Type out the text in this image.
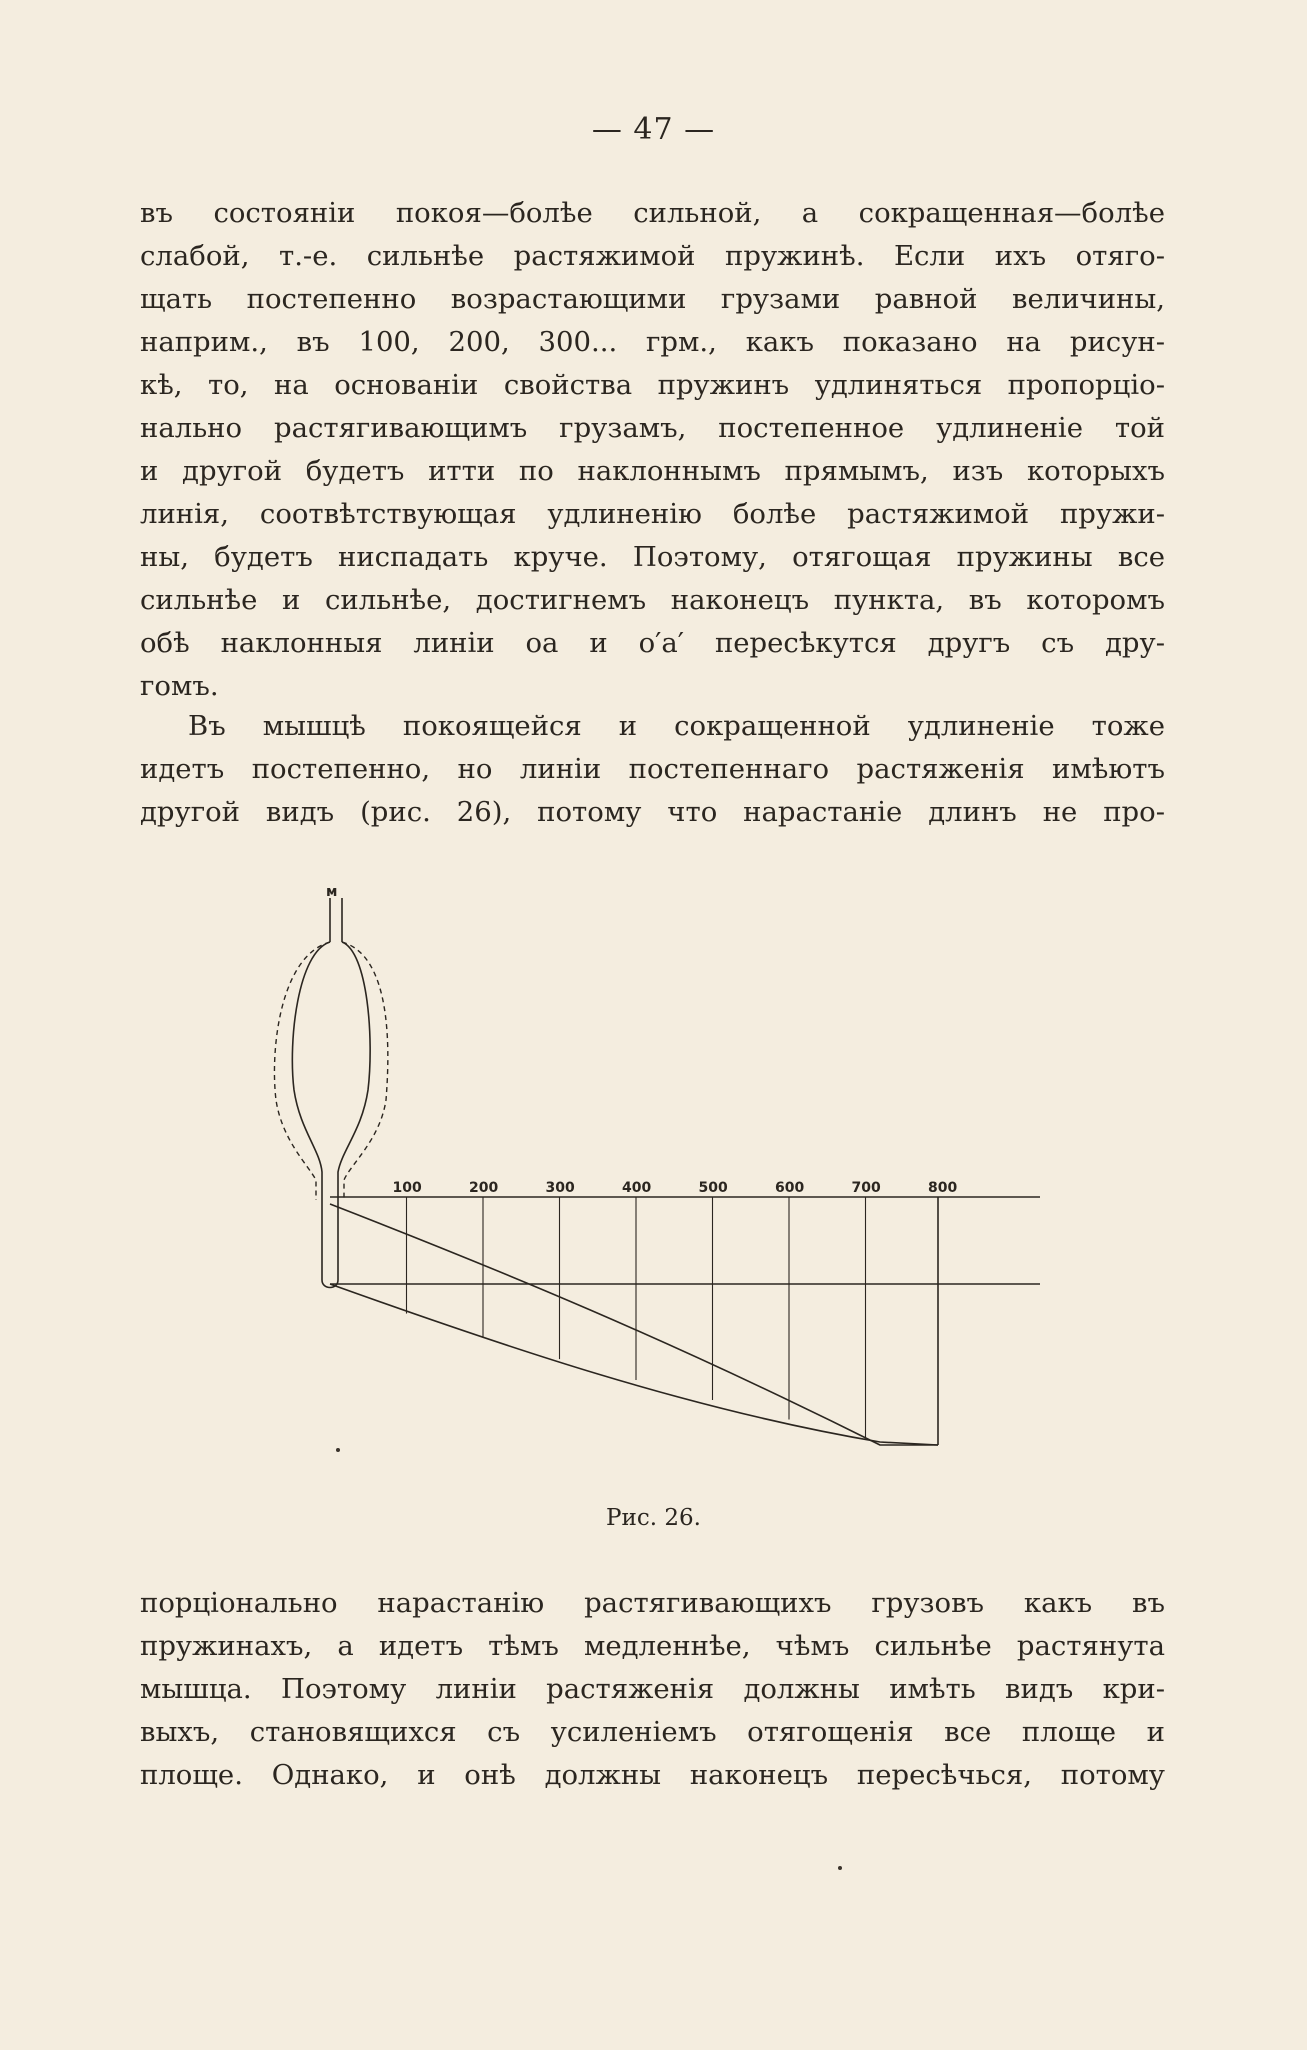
— 47 —
въ состояніи покоя—болѣе сильной, а сокращенная—болѣе
слабой, т.-е. сильнѣе растяжимой пружинѣ. Если ихъ отяго-
щать постепенно возрастающими грузами равной величины,
наприм., въ 100, 200, 300... грм., какъ показано на рисун-
кѣ, то, на основаніи свойства пружинъ удлиняться пропорціо-
нально растягивающимъ грузамъ, постепенное удлиненіе той
и другой будетъ итти по наклоннымъ прямымъ, изъ которыхъ
линія, соотвѣтствующая удлиненію болѣе растяжимой пружи-
ны, будетъ ниспадать круче. Поэтому, отягощая пружины все
сильнѣе и сильнѣе, достигнемъ наконецъ пункта, въ которомъ
обѣ наклонныя линіи oa и o′a′ пересѣкутся другъ съ дру-
гомъ.
Въ мышцѣ покоящейся и сокращенной удлиненіе тоже
идетъ постепенно, но линіи постепеннаго растяженія имѣютъ
другой видъ (рис. 26), потому что нарастаніе длинъ не про-
м
100	200	300	400	500	600	700	800
Рис. 26.
порціонально нарастанію растягивающихъ грузовъ какъ въ
пружинахъ, а идетъ тѣмъ медленнѣе, чѣмъ сильнѣе растянута
мышца. Поэтому линіи растяженія должны имѣть видъ кри-
выхъ, становящихся съ усиленіемъ отягощенія все площе и
площе. Однако, и онѣ должны наконецъ пересѣчься, потому
